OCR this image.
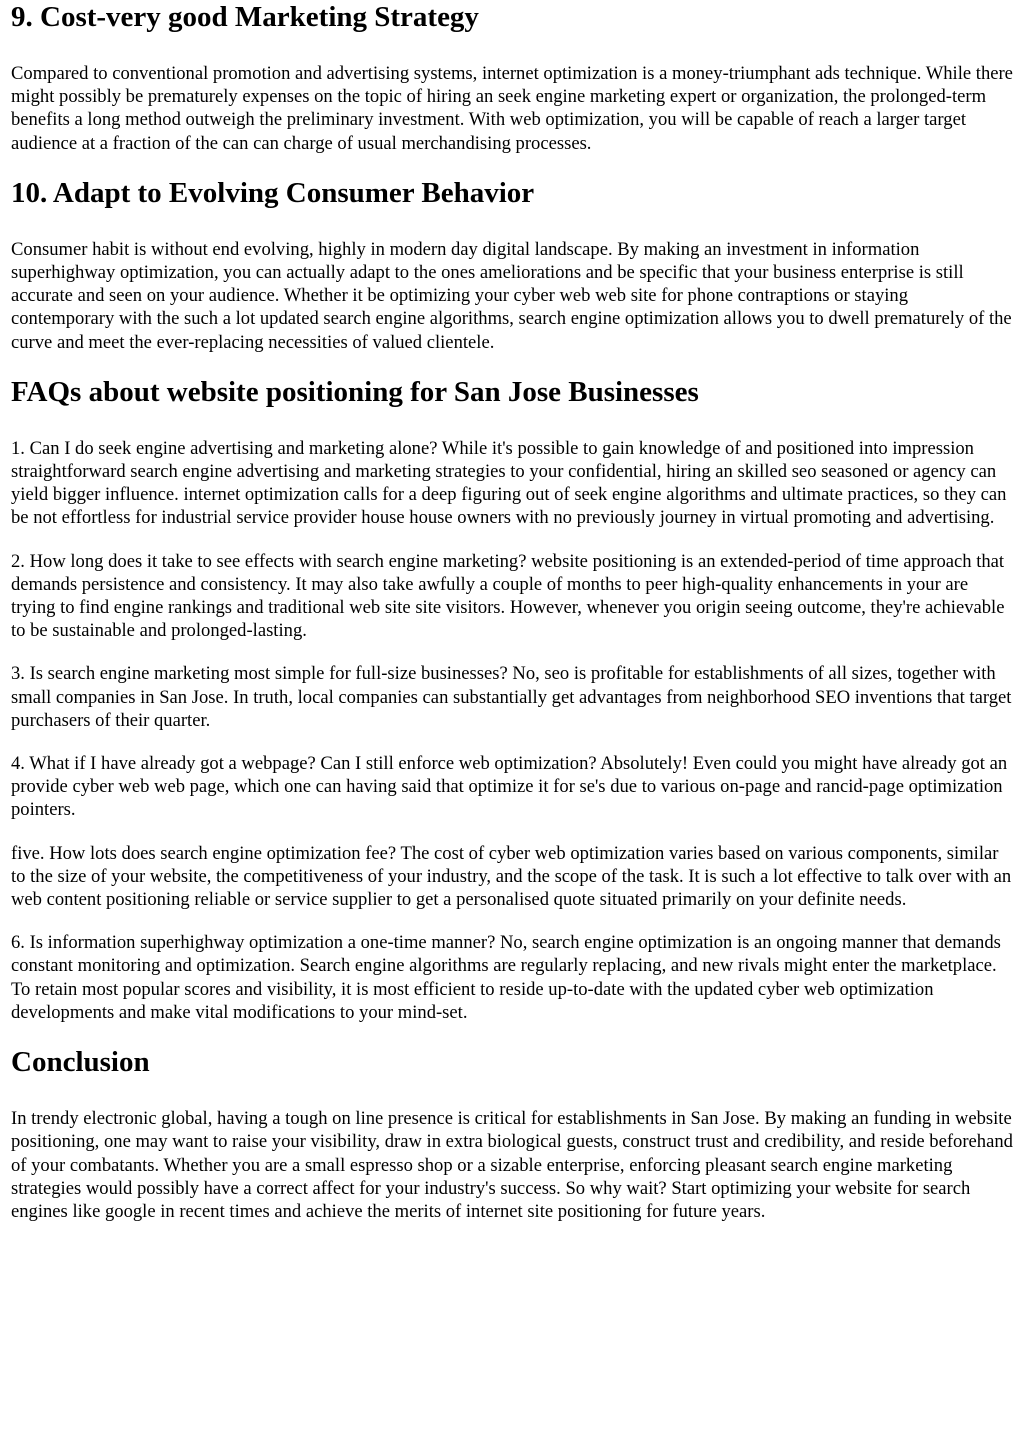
9. Cost-very good Marketing Strategy

Compared to conventional promotion and advertising systems, internet optimization is a money-triumphant ads technique. While there might possibly be prematurely expenses on the topic of hiring an seek engine marketing expert or organization, the prolonged-term benefits a long method outweigh the preliminary investment. With web optimization, you will be capable of reach a larger target audience at a fraction of the can can charge of usual merchandising processes.

10. Adapt to Evolving Consumer Behavior

Consumer habit is without end evolving, highly in modern day digital landscape. By making an investment in information superhighway optimization, you can actually adapt to the ones ameliorations and be specific that your business enterprise is still accurate and seen on your audience. Whether it be optimizing your cyber web web site for phone contraptions or staying contemporary with the such a lot updated search engine algorithms, search engine optimization allows you to dwell prematurely of the curve and meet the ever-replacing necessities of valued clientele.

FAQs about website positioning for San Jose Businesses

1. Can I do seek engine advertising and marketing alone? While it's possible to gain knowledge of and positioned into impression straightforward search engine advertising and marketing strategies to your confidential, hiring an skilled seo seasoned or agency can yield bigger influence. internet optimization calls for a deep figuring out of seek engine algorithms and ultimate practices, so they can be not effortless for industrial service provider house house owners with no previously journey in virtual promoting and advertising.

2. How long does it take to see effects with search engine marketing? website positioning is an extended-period of time approach that demands persistence and consistency. It may also take awfully a couple of months to peer high-quality enhancements in your are trying to find engine rankings and traditional web site site visitors. However, whenever you origin seeing outcome, they're achievable to be sustainable and prolonged-lasting.

3. Is search engine marketing most simple for full-size businesses? No, seo is profitable for establishments of all sizes, together with small companies in San Jose. In truth, local companies can substantially get advantages from neighborhood SEO inventions that target purchasers of their quarter.

4. What if I have already got a webpage? Can I still enforce web optimization? Absolutely! Even could you might have already got an provide cyber web web page, which one can having said that optimize it for se's due to various on-page and rancid-page optimization pointers.

five. How lots does search engine optimization fee? The cost of cyber web optimization varies based on various components, similar to the size of your website, the competitiveness of your industry, and the scope of the task. It is such a lot effective to talk over with an web content positioning reliable or service supplier to get a personalised quote situated primarily on your definite needs.

6. Is information superhighway optimization a one-time manner? No, search engine optimization is an ongoing manner that demands constant monitoring and optimization. Search engine algorithms are regularly replacing, and new rivals might enter the marketplace. To retain most popular scores and visibility, it is most efficient to reside up-to-date with the updated cyber web optimization developments and make vital modifications to your mind-set.

Conclusion

In trendy electronic global, having a tough on line presence is critical for establishments in San Jose. By making an funding in website positioning, one may want to raise your visibility, draw in extra biological guests, construct trust and credibility, and reside beforehand of your combatants. Whether you are a small espresso shop or a sizable enterprise, enforcing pleasant search engine marketing strategies would possibly have a correct affect for your industry's success. So why wait? Start optimizing your website for search engines like google in recent times and achieve the merits of internet site positioning for future years.
